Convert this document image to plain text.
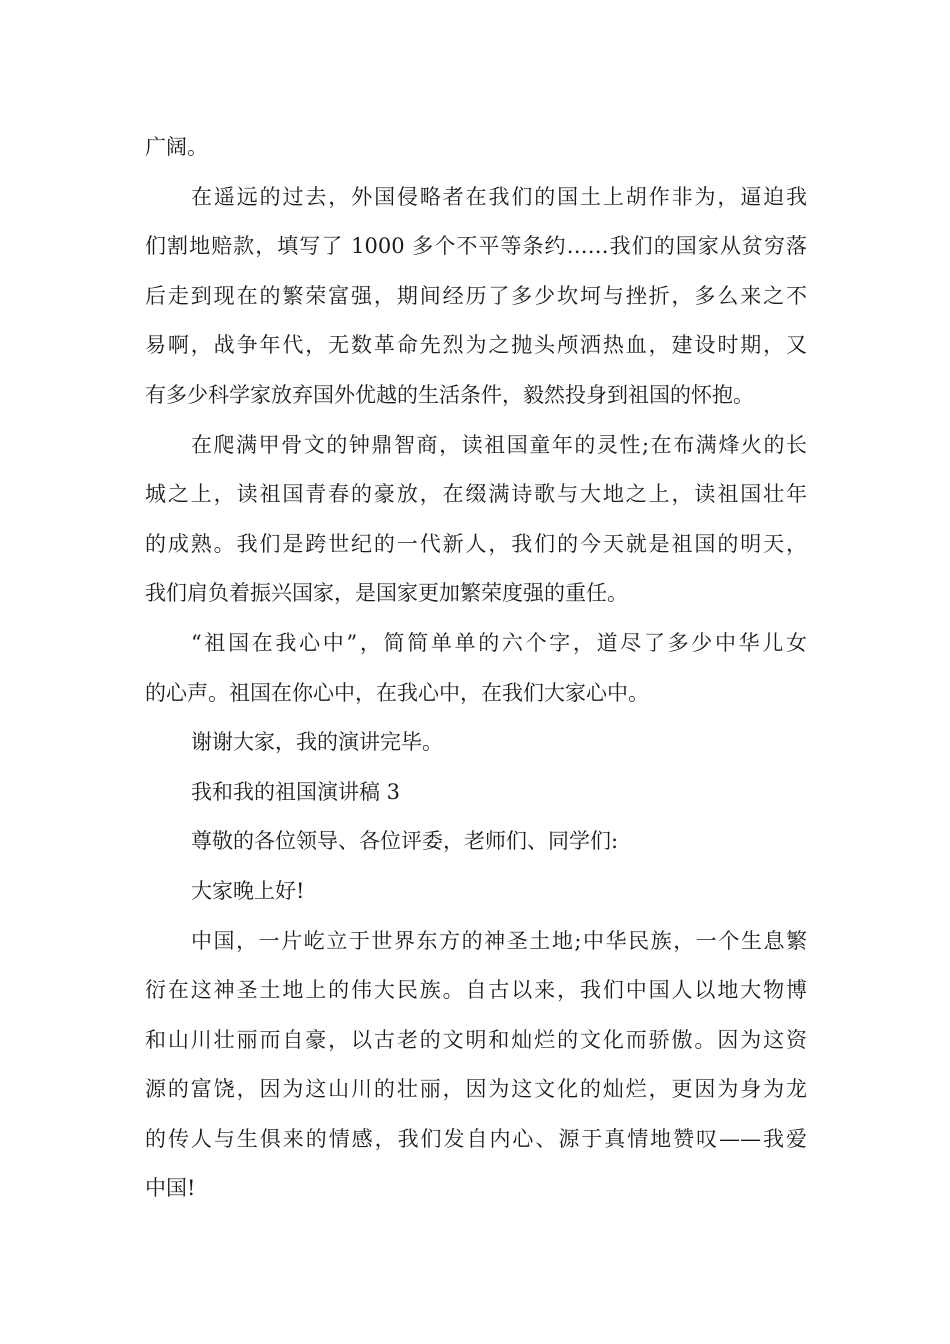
广阔。
在遥远的过去，外国侵略者在我们的国土上胡作非为，逼迫我
们割地赔款，填写了 1000 多个不平等条约……我们的国家从贫穷落
后走到现在的繁荣富强，期间经历了多少坎坷与挫折，多么来之不
易啊，战争年代，无数革命先烈为之抛头颅洒热血，建设时期，又
有多少科学家放弃国外优越的生活条件，毅然投身到祖国的怀抱。
在爬满甲骨文的钟鼎智商，读祖国童年的灵性;在布满烽火的长
城之上，读祖国青春的豪放，在缀满诗歌与大地之上，读祖国壮年
的成熟。我们是跨世纪的一代新人，我们的今天就是祖国的明天，
我们肩负着振兴国家，是国家更加繁荣度强的重任。
“祖国在我心中”，简简单单的六个字，道尽了多少中华儿女
的心声。祖国在你心中，在我心中，在我们大家心中。
谢谢大家，我的演讲完毕。
我和我的祖国演讲稿 3
尊敬的各位领导、各位评委，老师们、同学们:
大家晚上好!
中国，一片屹立于世界东方的神圣土地;中华民族，一个生息繁
衍在这神圣土地上的伟大民族。自古以来，我们中国人以地大物博
和山川壮丽而自豪，以古老的文明和灿烂的文化而骄傲。因为这资
源的富饶，因为这山川的壮丽，因为这文化的灿烂，更因为身为龙
的传人与生俱来的情感，我们发自内心、源于真情地赞叹——我爱
中国!
